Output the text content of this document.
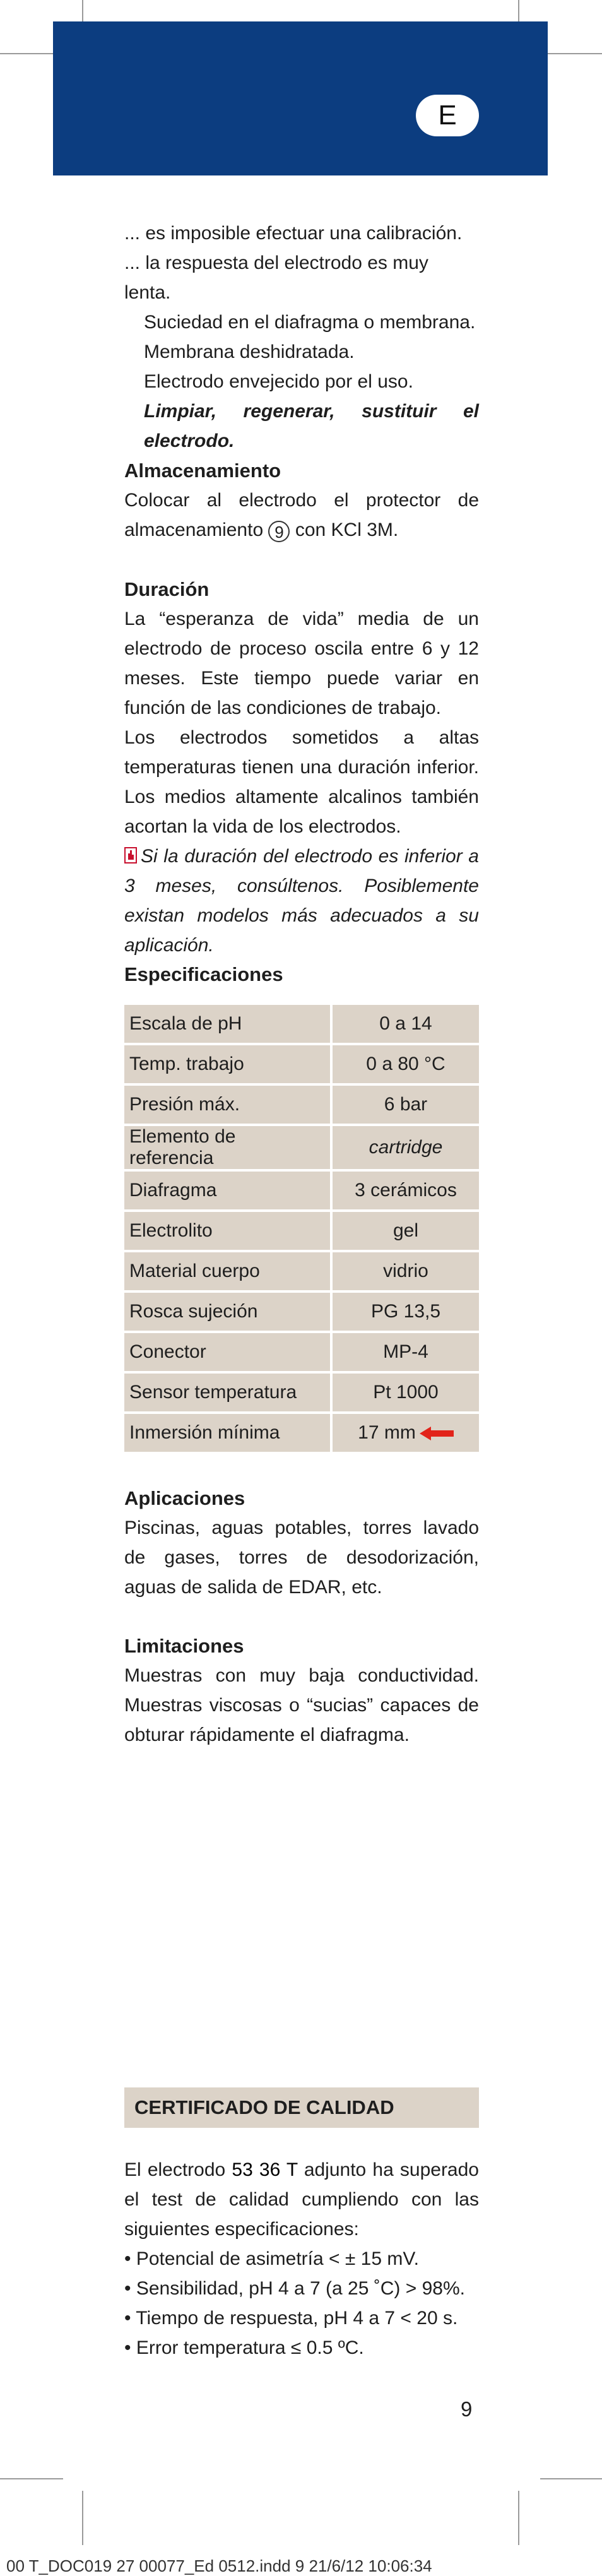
E

... es imposible efectuar una calibración.

... la respuesta del electrodo es muy lenta.

Suciedad en el diafragma o membrana.

Membrana deshidratada.

Electrodo envejecido por el uso.

Limpiar, regenerar, sustituir el electrodo.

Almacenamiento

Colocar al electrodo el protector de almacenamiento 9 con KCl 3M.

Duración

La “esperanza de vida” media de un electrodo de proceso oscila entre 6 y 12 meses. Este tiempo puede variar en función de las condiciones de trabajo.

Los electrodos sometidos a altas temperaturas tienen una duración inferior. Los medios altamente alcalinos también acortan la vida de los electrodos.

Si la duración del electrodo es inferior a 3 meses, consúltenos. Posiblemente existan modelos más adecuados a su aplicación.

Especificaciones
Escala de pH	0 a 14
Temp. trabajo	0 a 80 °C
Presión máx.	6 bar
Elemento de referencia	cartridge
Diafragma	3 cerámicos
Electrolito	gel
Material cuerpo	vidrio
Rosca sujeción	PG 13,5
Conector	MP-4
Sensor temperatura	Pt 1000
Inmersión mínima	17 mm
Aplicaciones

Piscinas, aguas potables, torres lavado de gases, torres de desodorización, aguas de salida de EDAR, etc.

Limitaciones

Muestras con muy baja conductividad. Muestras viscosas o “sucias” capaces de obturar rápidamente el diafragma.

CERTIFICADO DE CALIDAD

El electrodo 53 36 T adjunto ha superado el test de calidad cumpliendo con las siguientes especificaciones:

• Potencial de asimetría < ± 15 mV.

• Sensibilidad, pH 4 a 7 (a 25 ˚C) > 98%.

• Tiempo de respuesta, pH 4 a 7 < 20 s.

• Error temperatura ≤ 0.5 ºC.

9
00 T_DOC019 27 00077_Ed 0512.indd 9 21/6/12 10:06:34
